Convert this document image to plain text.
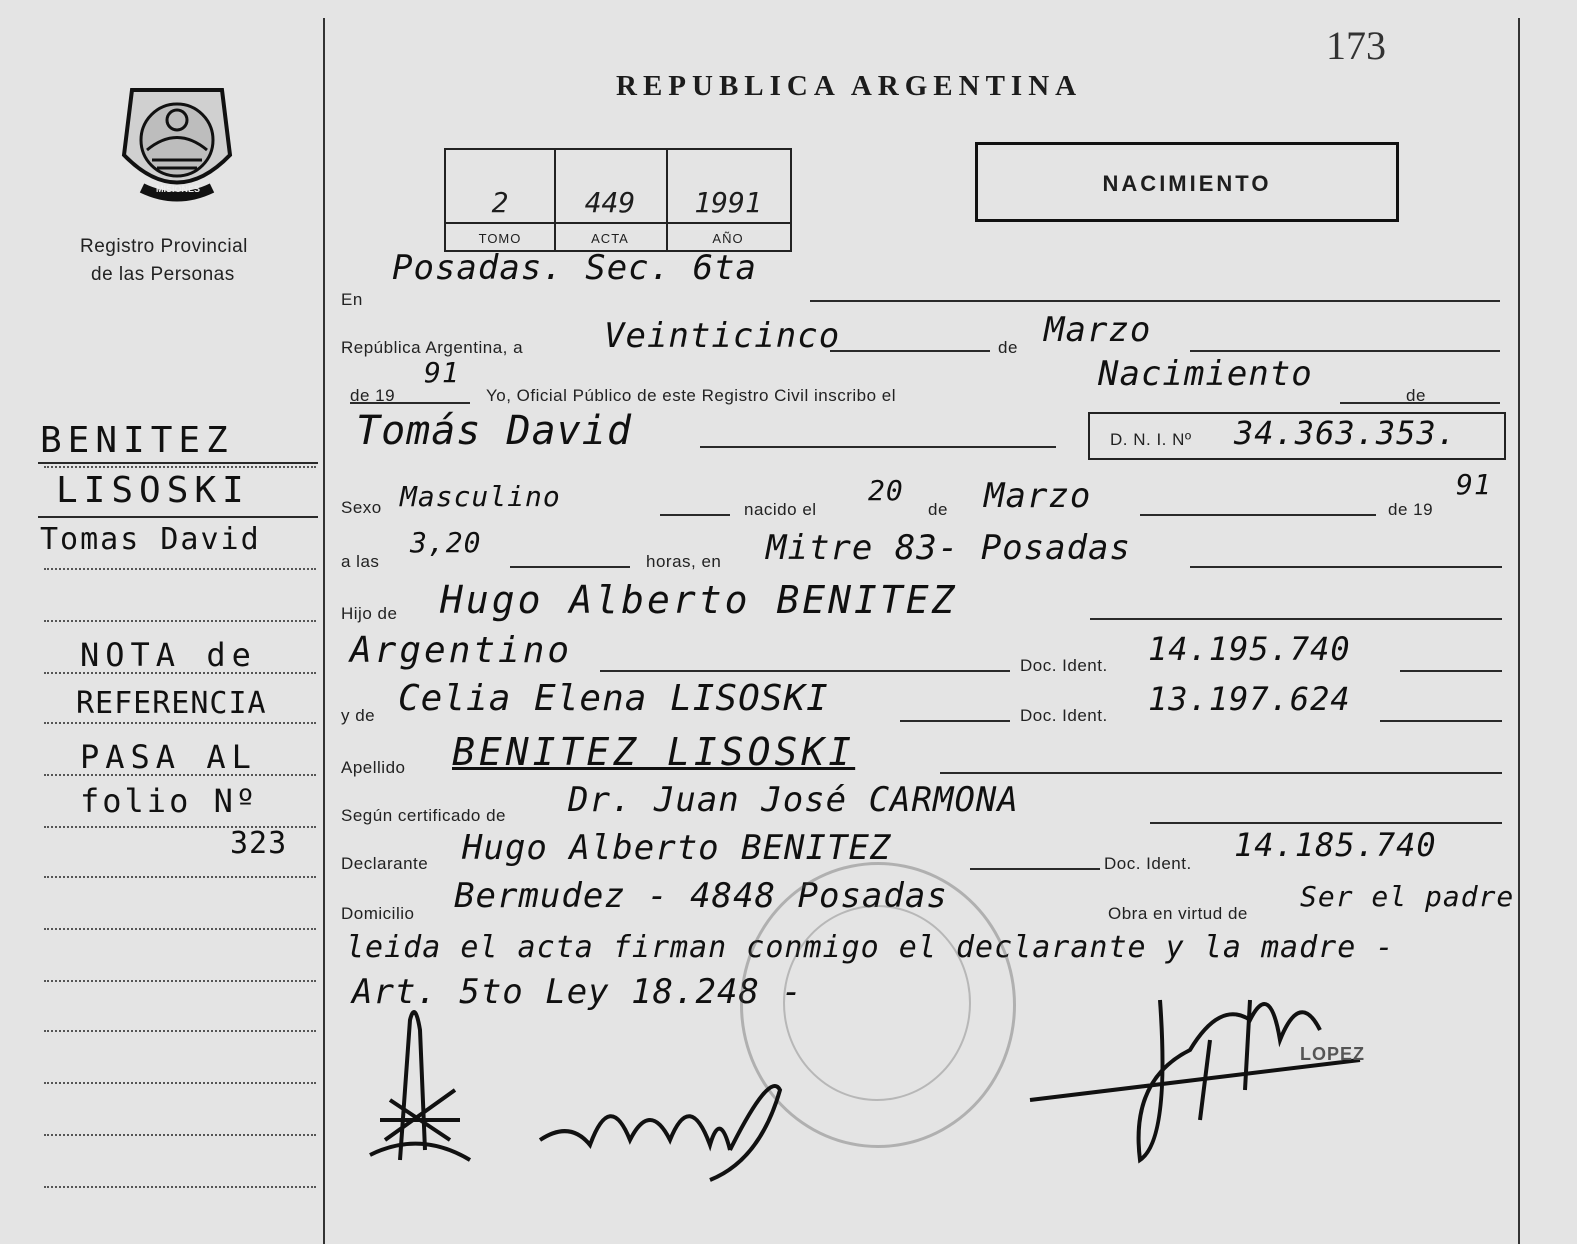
173
MISIONES
Registro Provincial
de las Personas
REPUBLICA ARGENTINA
2
TOMO
449
ACTA
1991
AÑO
NACIMIENTO
BENITEZ
LISOSKI
Tomas David
NOTA de
REFERENCIA
PASA AL
folio Nº
323
En
Posadas. Sec. 6ta
República Argentina, a Veinticinco	de Marzo
de 19
91
Yo, Oficial Público de este Registro Civil inscribo el
Nacimiento
de
Tomás David	D. N. I. Nº 34.363.353.
Sexo Masculino	nacido el
20
de Marzo	de 19
91
a las
3,20
horas, en Mitre 83- Posadas
Hijo de Hugo Alberto BENITEZ
Argentino	Doc. Ident. 14.195.740
y de Celia Elena LISOSKI	Doc. Ident. 13.197.624
Apellido BENITEZ LISOSKI
Según certificado de Dr. Juan José CARMONA
Declarante Hugo Alberto BENITEZ	Doc. Ident. 14.185.740
Domicilio Bermudez - 4848 Posadas	Obra en virtud de
Ser el padre
leida el acta firman conmigo el declarante y la madre -
Art. 5to Ley 18.248 -
LOPEZ
